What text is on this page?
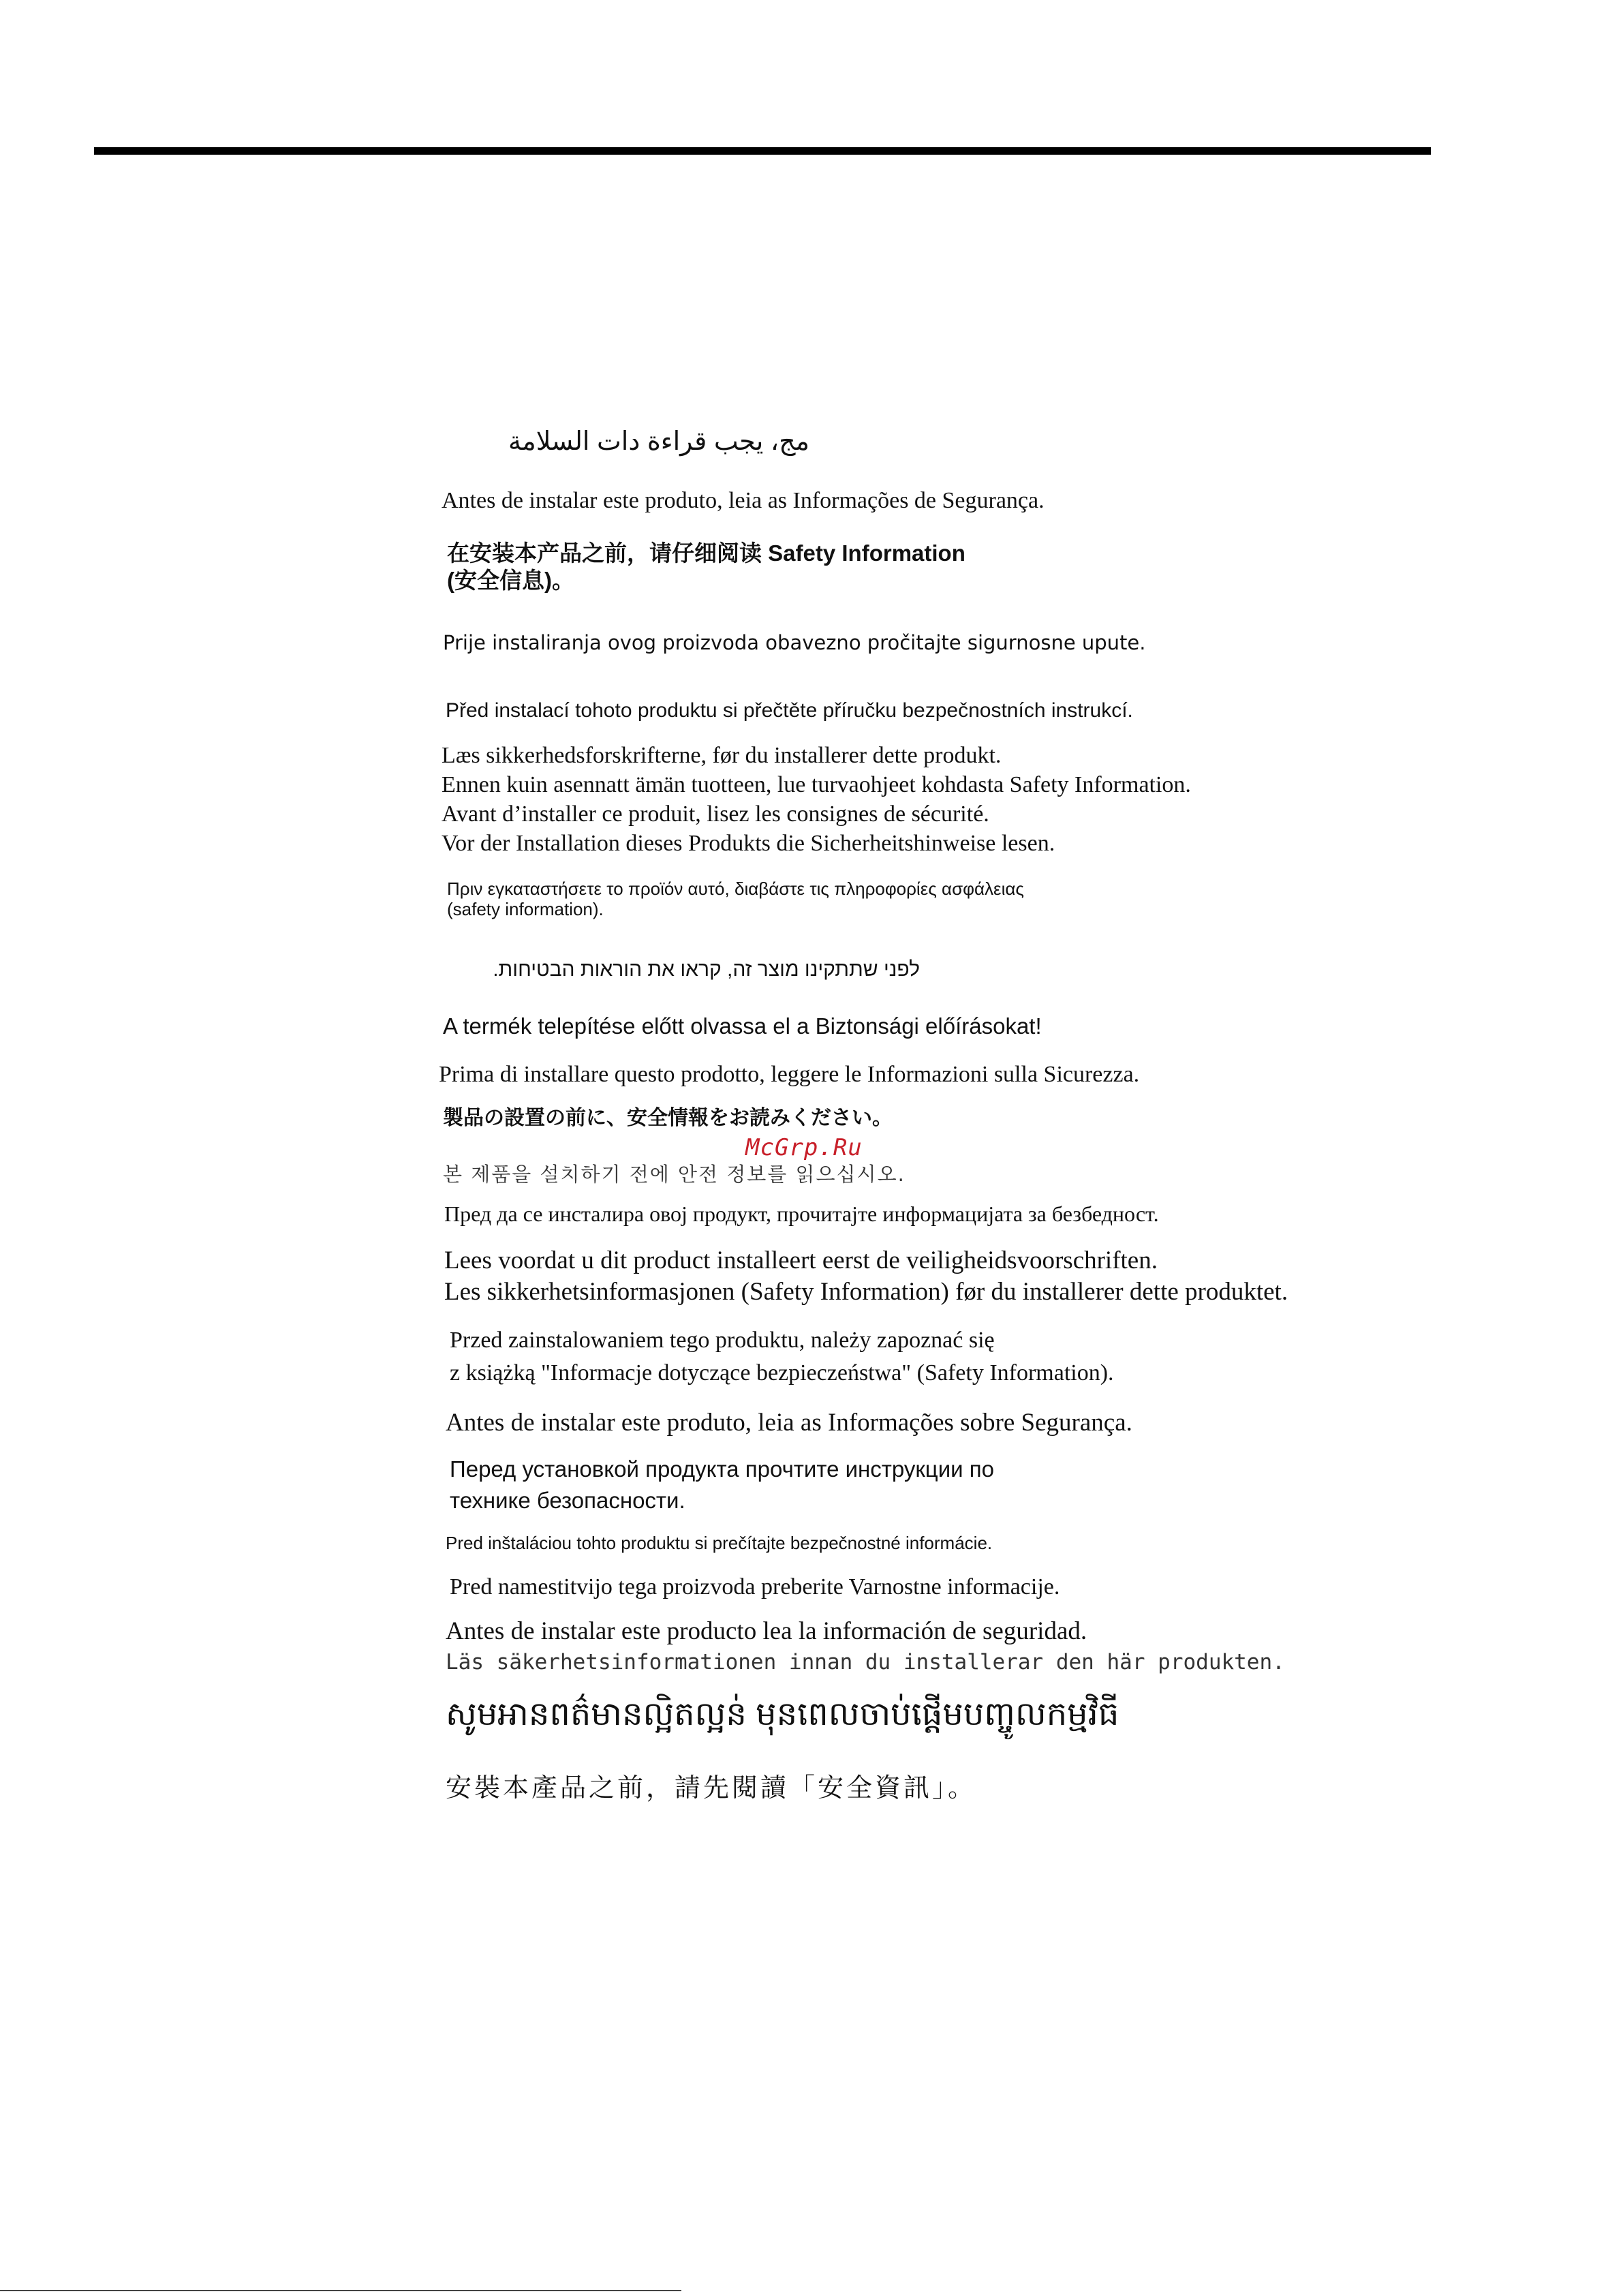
ﻣﺞ، ﻳﺠﺐ ﻗﺮاءة داﺕ اﻟﺴﻼﻣﺔ
Antes de instalar este produto, leia as Informações de Segurança.
在安装本产品之前，请仔细阅读 Safety Information
(安全信息)。
Prije instaliranja ovog proizvoda obavezno pročitajte sigurnosne upute.
Před instalací tohoto produktu si přečtěte příručku bezpečnostních instrukcí.
Læs sikkerhedsforskrifterne, før du installerer dette produkt.
Ennen kuin asennatt ämän tuotteen, lue turvaohjeet kohdasta Safety Information.
Avant d’installer ce produit, lisez les consignes de sécurité.
Vor der Installation dieses Produkts die Sicherheitshinweise lesen.
Πριν εγκαταστήσετε το προϊόν αυτό, διαβάστε τις πληροφορίες ασφάλειας
(safety information).
לפני שתתקינו מוצר זה, קראו את הוראות הבטיחות.
A termék telepítése előtt olvassa el a Biztonsági előírásokat!
Prima di installare questo prodotto, leggere le Informazioni sulla Sicurezza.
製品の設置の前に、安全情報をお読みください。
McGrp.Ru
본 제품을 설치하기 전에 안전 정보를 읽으십시오.
Пред да се инсталира овој продукт, прочитајте информацијата за безбедност.
Lees voordat u dit product installeert eerst de veiligheidsvoorschriften.
Les sikkerhetsinformasjonen (Safety Information) før du installerer dette produktet.
Przed zainstalowaniem tego produktu, należy zapoznać się
z książką "Informacje dotyczące bezpieczeństwa" (Safety Information).
Antes de instalar este produto, leia as Informações sobre Segurança.
Перед установкой продукта прочтите инструкции по
технике безопасности.
Pred inštaláciou tohto produktu si prečítajte bezpečnostné informácie.
Pred namestitvijo tega proizvoda preberite Varnostne informacije.
Antes de instalar este producto lea la información de seguridad.
Läs säkerhetsinformationen innan du installerar den här produkten.
សូមអានពត៌មានល្អិតល្អន់ មុនពេលចាប់ផ្តើមបញ្ចូលកម្មវិធី
安裝本產品之前，請先閱讀「安全資訊」。
